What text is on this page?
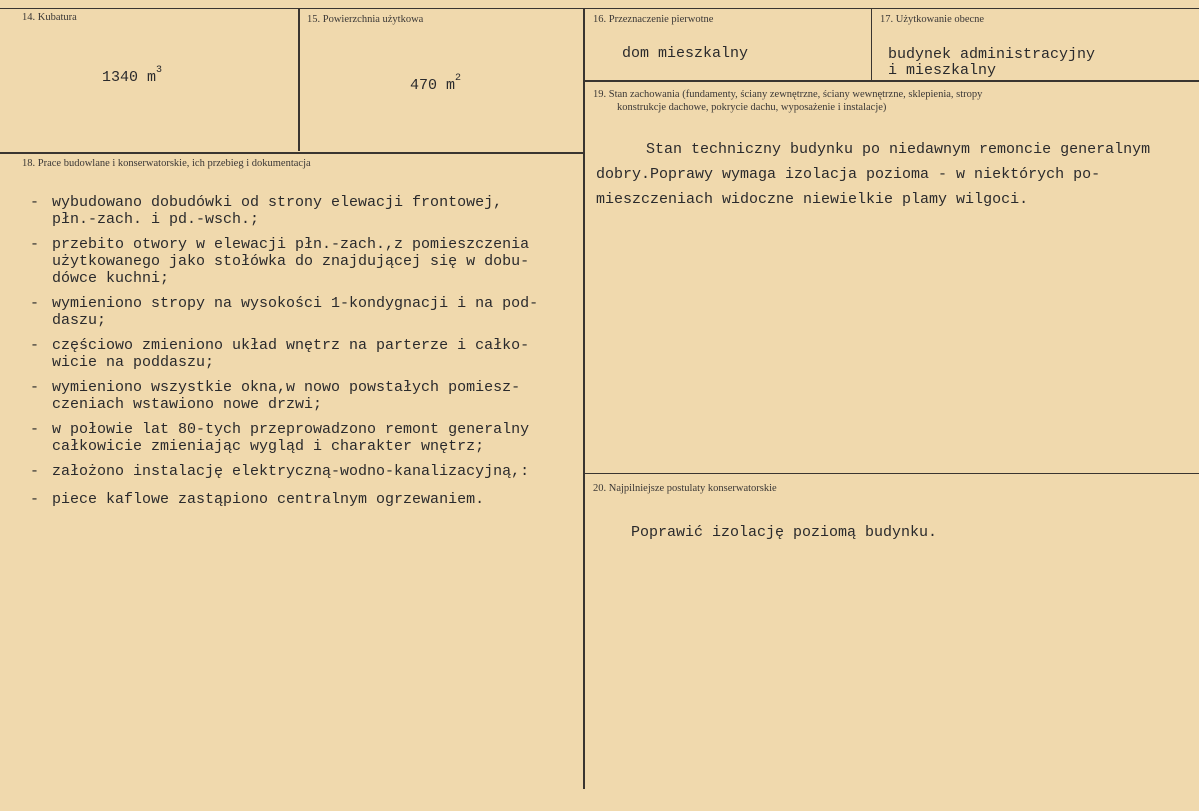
14. Kubatura
1340 $m^3$
15. Powierzchnia użytkowa
470 $m^2$
16. Przeznaczenie pierwotne
dom mieszkalny
17. Użytkowanie obecne
budynek administracyjny
i mieszkalny
19. Stan zachowania (fundamenty, ściany zewnętrzne, ściany wewnętrzne, sklepienia, stropy
konstrukcje dachowe, pokrycie dachu, wyposażenie i instalacje)
Stan techniczny budynku po niedawnym remoncie generalnym
dobry.Poprawy wymaga izolacja pozioma - w niektórych po-
mieszczeniach widoczne niewielkie plamy wilgoci.
20. Najpilniejsze postulaty konserwatorskie
Poprawić izolację poziomą budynku.
18. Prace budowlane i konserwatorskie, ich przebieg i dokumentacja
- wybudowano dobudówki od strony elewacji frontowej,
płn.-zach. i pd.-wsch.;
- przebito otwory w elewacji płn.-zach.,z pomieszczenia
użytkowanego jako stołówka do znajdującej się w dobu-
dówce kuchni;
- wymieniono stropy na wysokości 1-kondygnacji i na pod-
daszu;
- częściowo zmieniono układ wnętrz na parterze i całko-
wicie na poddaszu;
- wymieniono wszystkie okna,w nowo powstałych pomiesz-
czeniach wstawiono nowe drzwi;
- w połowie lat 80-tych przeprowadzono remont generalny
całkowicie zmieniając wygląd i charakter wnętrz;
- założono instalację elektryczną-wodno-kanalizacyjną,:
- piece kaflowe zastąpiono centralnym ogrzewaniem.
